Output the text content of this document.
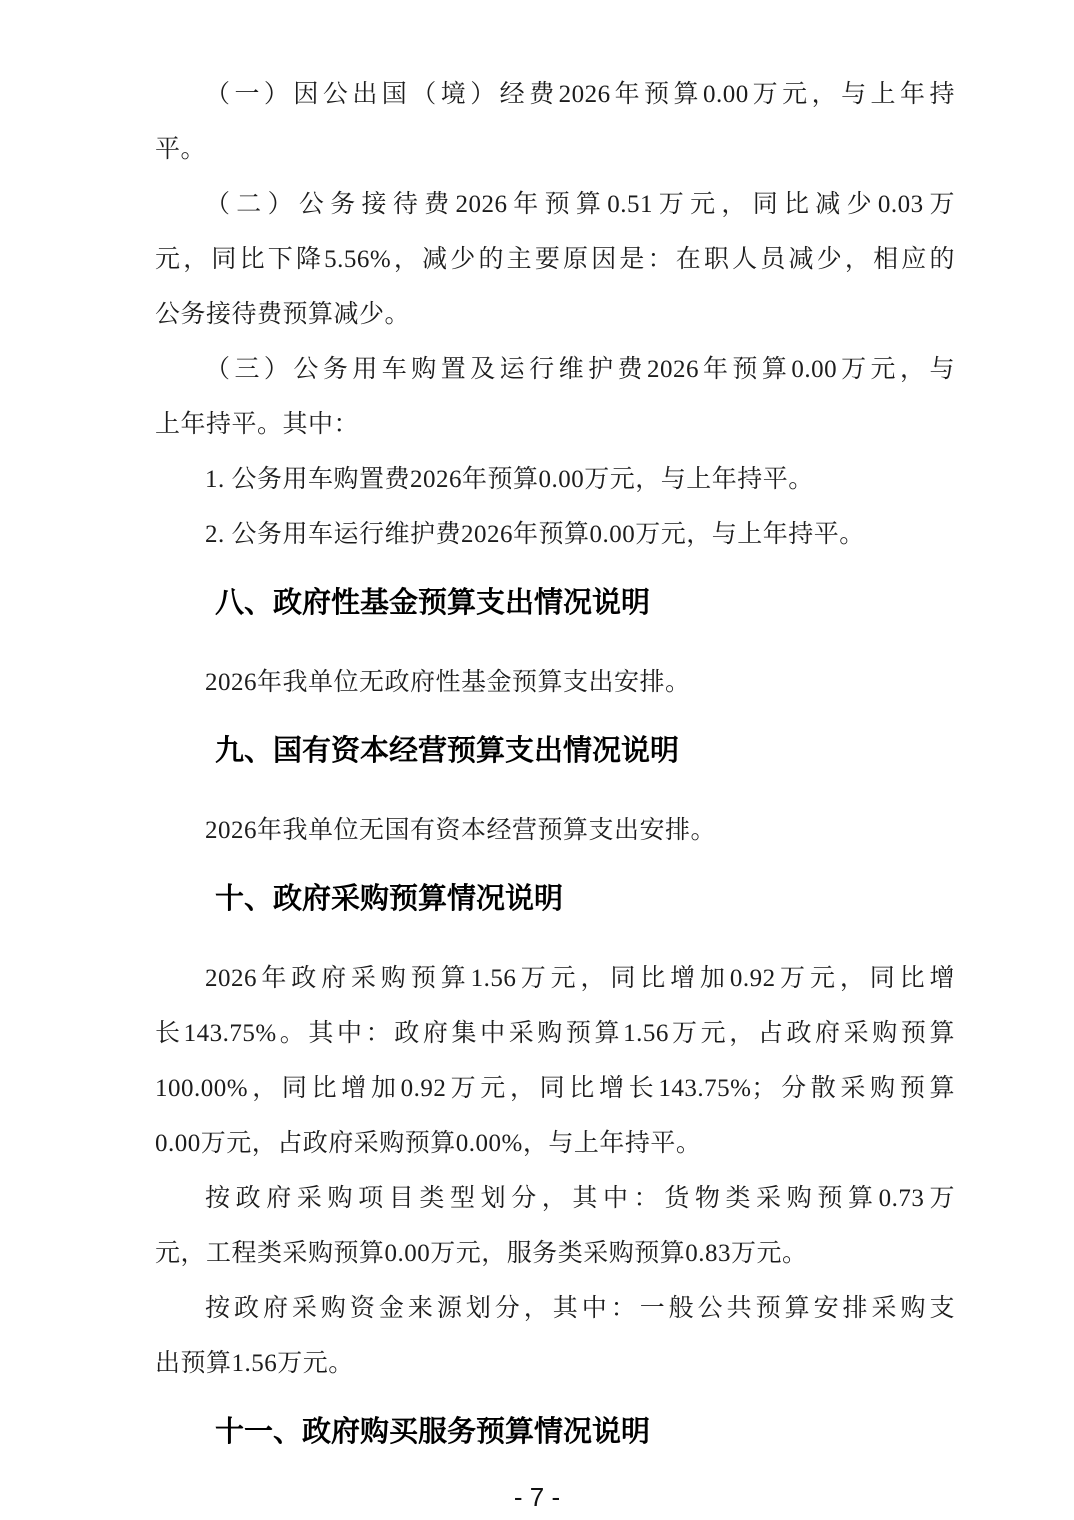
（一）因公出国（境）经费2026年预算0.00万元，与上年持
平。
（二）公务接待费2026年预算0.51万元，同比减少0.03万
元，同比下降5.56%，减少的主要原因是：在职人员减少，相应的
公务接待费预算减少。
（三）公务用车购置及运行维护费2026年预算0.00万元，与
上年持平。其中：
1. 公务用车购置费2026年预算0.00万元，与上年持平。
2. 公务用车运行维护费2026年预算0.00万元，与上年持平。
八、政府性基金预算支出情况说明
2026年我单位无政府性基金预算支出安排。
九、国有资本经营预算支出情况说明
2026年我单位无国有资本经营预算支出安排。
十、政府采购预算情况说明
2026年政府采购预算1.56万元，同比增加0.92万元，同比增
长143.75%。其中：政府集中采购预算1.56万元，占政府采购预算
100.00%，同比增加0.92万元，同比增长143.75%；分散采购预算
0.00万元，占政府采购预算0.00%，与上年持平。
按政府采购项目类型划分，其中：货物类采购预算0.73万
元，工程类采购预算0.00万元，服务类采购预算0.83万元。
按政府采购资金来源划分，其中：一般公共预算安排采购支
出预算1.56万元。
十一、政府购买服务预算情况说明
- 7 -
